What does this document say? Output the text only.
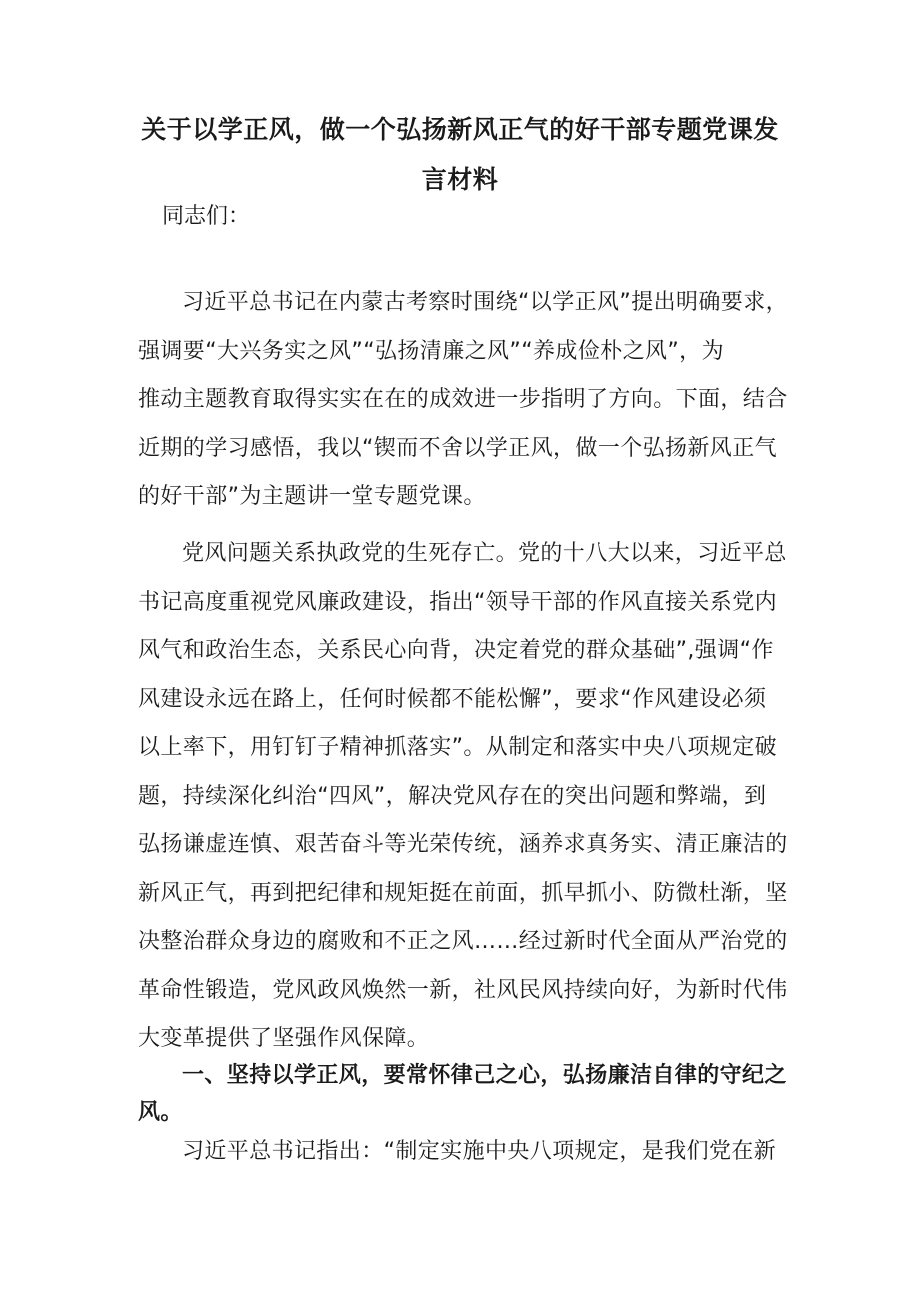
关于以学正风，做一个弘扬新风正气的好干部专题党课发
言材料
同志们：
习近平总书记在内蒙古考察时围绕“以学正风”提出明确要求，
强调要“大兴务实之风”“弘扬清廉之风”“养成俭朴之风”，为
推动主题教育取得实实在在的成效进一步指明了方向。下面，结合
近期的学习感悟，我以“锲而不舍以学正风，做一个弘扬新风正气
的好干部”为主题讲一堂专题党课。
党风问题关系执政党的生死存亡。党的十八大以来，习近平总
书记高度重视党风廉政建设，指出“领导干部的作风直接关系党内
风气和政治生态，关系民心向背，决定着党的群众基础”,强调“作
风建设永远在路上，任何时候都不能松懈”，要求“作风建设必须
以上率下，用钉钉子精神抓落实”。从制定和落实中央八项规定破
题，持续深化纠治“四风”，解决党风存在的突出问题和弊端，到
弘扬谦虚连慎、艰苦奋斗等光荣传统，涵养求真务实、清正廉洁的
新风正气，再到把纪律和规矩挺在前面，抓早抓小、防微杜渐，坚
决整治群众身边的腐败和不正之风……经过新时代全面从严治党的
革命性锻造，党风政风焕然一新，社风民风持续向好，为新时代伟
大变革提供了坚强作风保障。
一、坚持以学正风，要常怀律己之心，弘扬廉洁自律的守纪之
风。
习近平总书记指出：“制定实施中央八项规定，是我们党在新
